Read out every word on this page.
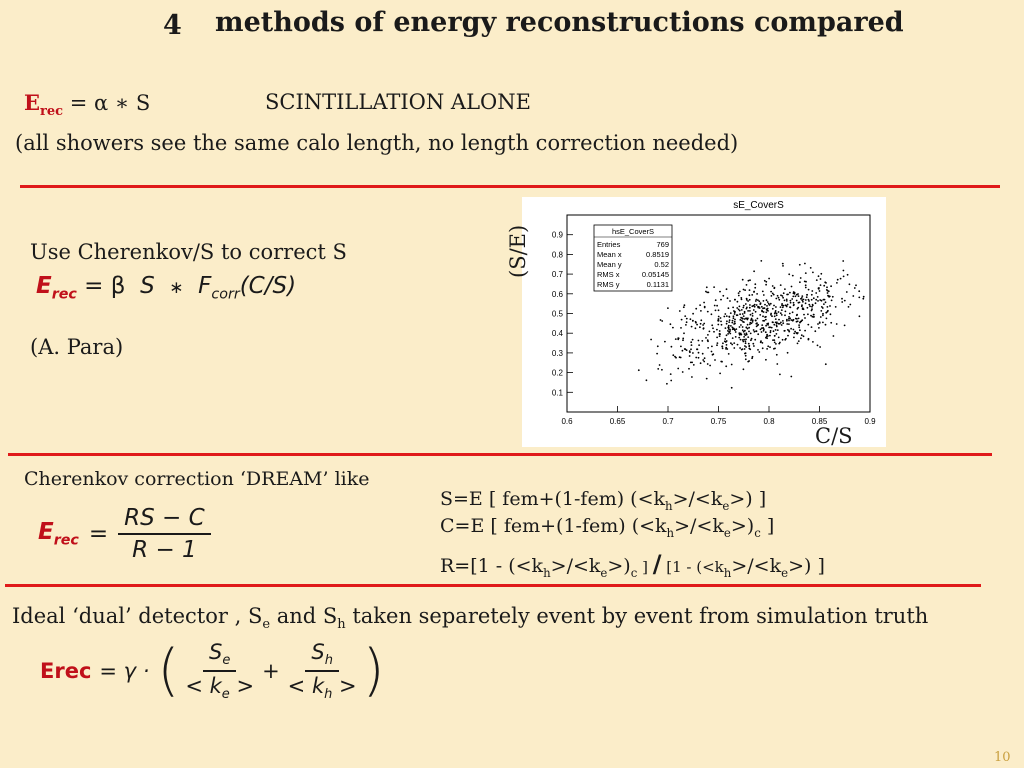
4 methods of energy reconstructions compared
$E_{rec} = \alpha$ ∗ S	SCINTILLATION ALONE
(all showers see the same calo length, no length correction needed)
Use Cherenkov/S to correct S
$E_{rec} = \beta$ S ∗ $F_{corr}(C/S)$
(A. Para)
sE_CoverS
0.6	0.65	0.7	0.75	0.8	0.85	0.9
0.1
0.2
0.3
0.4
0.5
0.6
0.7
0.8
0.9	hsE_CoverS
Entries	769
Mean x	0.8519
Mean y	0.52
RMS x	0.05145
RMS y	0.1131
(S/E)
C/S
Cherenkov correction ‘DREAM’ like
$E_{rec} = \frac{RS - C}{R - 1}$
S=E [ fem+(1-fem) $(<k_h>/<k_e>)$ ]
C=E [ fem+(1-fem) $(<k_h>/<k_e>)_c$ ]
$R=[1 - (<k_h>/<k_e>)_c$ ] / [$1 - (<k_h>/<k_e>)$ ]
Ideal ‘dual’ detector , $S_e$ and $S_h$ taken separetely event by event from simulation truth
Erec = γ · ( $\frac{S_e}{< k_e >} + \frac{S_h}{< k_h >}$ )
10
